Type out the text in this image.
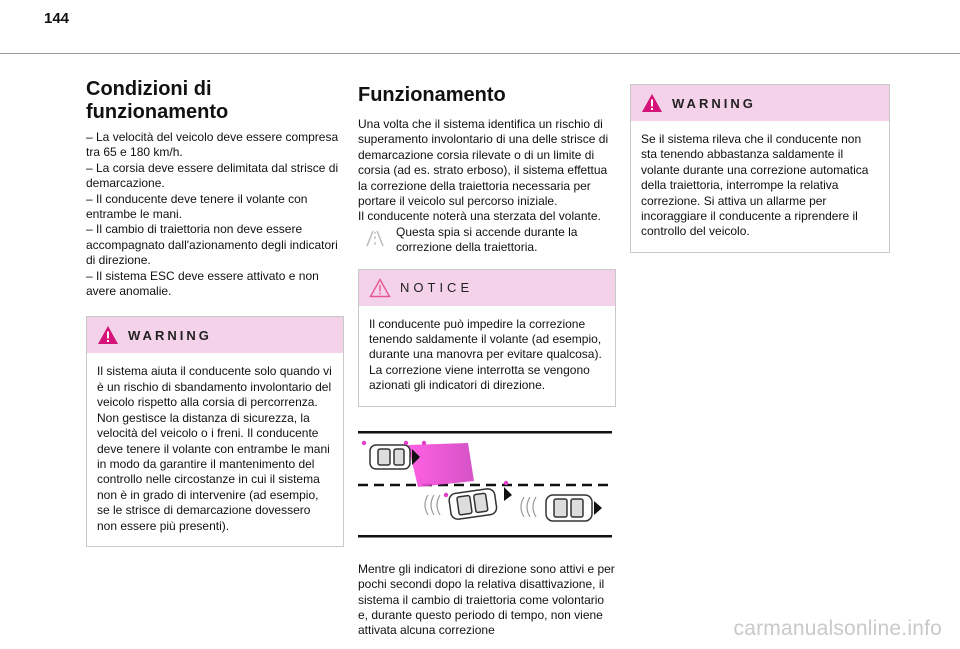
144
Condizioni di funzionamento

– La velocità del veicolo deve essere compresa tra 65 e 180 km/h.

– La corsia deve essere delimitata dal strisce di demarcazione.

– Il conducente deve tenere il volante con entrambe le mani.

– Il cambio di traiettoria non deve essere accompagnato dall'azionamento degli indicatori di direzione.

– Il sistema ESC deve essere attivato e non avere anomalie.

WARNING

Il sistema aiuta il conducente solo quando vi è un rischio di sbandamento involontario del veicolo rispetto alla corsia di percorrenza. Non gestisce la distanza di sicurezza, la velocità del veicolo o i freni. Il conducente deve tenere il volante con entrambe le mani in modo da garantire il mantenimento del controllo nelle circostanze in cui il sistema non è in grado di intervenire (ad esempio, se le strisce di demarcazione dovessero non essere più presenti).

Funzionamento

Una volta che il sistema identifica un rischio di superamento involontario di una delle strisce di demarcazione corsia rilevate o di un limite di corsia (ad es. strato erboso), il sistema effettua la correzione della traiettoria necessaria per portare il veicolo sul percorso iniziale.

Il conducente noterà una sterzata del volante.

Questa spia si accende durante la correzione della traiettoria.

NOTICE

Il conducente può impedire la correzione tenendo saldamente il volante (ad esempio, durante una manovra per evitare qualcosa). La correzione viene interrotta se vengono azionati gli indicatori di direzione.

Mentre gli indicatori di direzione sono attivi e per pochi secondi dopo la relativa disattivazione, il sistema il cambio di traiettoria come volontario e, durante questo periodo di tempo, non viene attivata alcuna correzione

WARNING

Se il sistema rileva che il conducente non sta tenendo abbastanza saldamente il volante durante una correzione automatica della traiettoria, interrompe la relativa correzione. Si attiva un allarme per incoraggiare il conducente a riprendere il controllo del veicolo.

carmanualsonline.info
